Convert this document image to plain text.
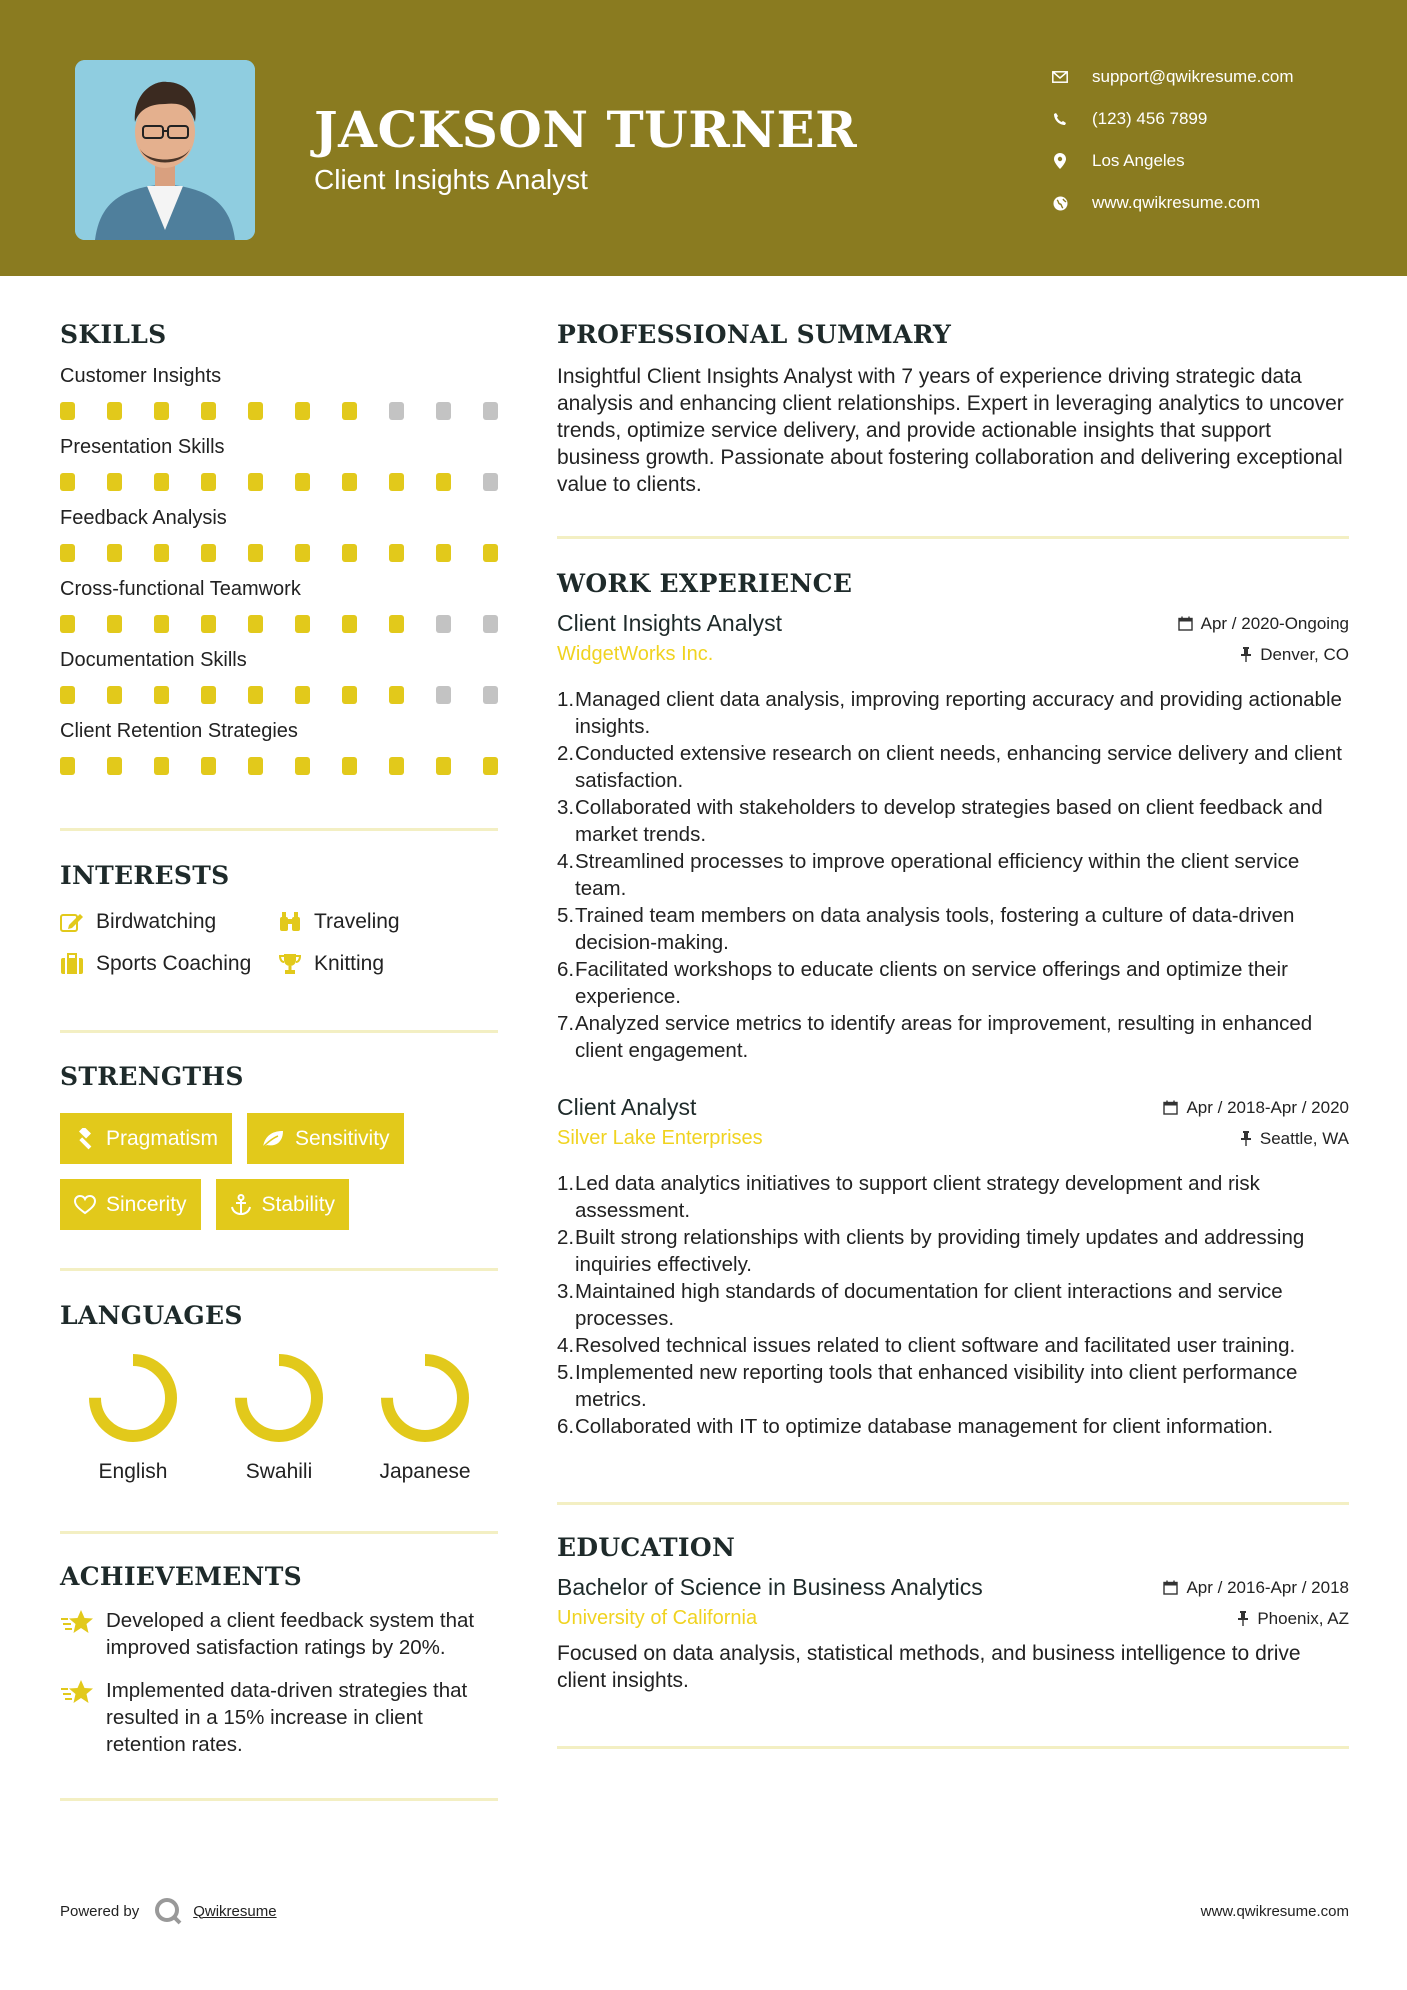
JACKSON TURNER
Client Insights Analyst
support@qwikresume.com
(123) 456 7899
Los Angeles
www.qwikresume.com
SKILLS
Customer Insights
Presentation Skills
Feedback Analysis
Cross-functional Teamwork
Documentation Skills
Client Retention Strategies
INTERESTS
Birdwatching	Traveling
Sports Coaching	Knitting
STRENGTHS
Pragmatism	Sensitivity
Sincerity	Stability
LANGUAGES
English	Swahili	Japanese
ACHIEVEMENTS
Developed a client feedback system that improved satisfaction ratings by 20%.
Implemented data-driven strategies that resulted in a 15% increase in client retention rates.
PROFESSIONAL SUMMARY
Insightful Client Insights Analyst with 7 years of experience driving strategic data analysis and enhancing client relationships. Expert in leveraging analytics to uncover trends, optimize service delivery, and provide actionable insights that support business growth. Passionate about fostering collaboration and delivering exceptional value to clients.
WORK EXPERIENCE
Client Insights Analyst	Apr / 2020-Ongoing
WidgetWorks Inc.	Denver, CO
1.Managed client data analysis, improving reporting accuracy and providing actionable insights.
2.Conducted extensive research on client needs, enhancing service delivery and client satisfaction.
3.Collaborated with stakeholders to develop strategies based on client feedback and market trends.
4.Streamlined processes to improve operational efficiency within the client service team.
5.Trained team members on data analysis tools, fostering a culture of data-driven decision-making.
6.Facilitated workshops to educate clients on service offerings and optimize their experience.
7.Analyzed service metrics to identify areas for improvement, resulting in enhanced client engagement.
Client Analyst	Apr / 2018-Apr / 2020
Silver Lake Enterprises	Seattle, WA
1.Led data analytics initiatives to support client strategy development and risk assessment.
2.Built strong relationships with clients by providing timely updates and addressing inquiries effectively.
3.Maintained high standards of documentation for client interactions and service processes.
4.Resolved technical issues related to client software and facilitated user training.
5.Implemented new reporting tools that enhanced visibility into client performance metrics.
6.Collaborated with IT to optimize database management for client information.
EDUCATION
Bachelor of Science in Business Analytics	Apr / 2016-Apr / 2018
University of California	Phoenix, AZ
Focused on data analysis, statistical methods, and business intelligence to drive client insights.
Powered by	Qwikresume	www.qwikresume.com
